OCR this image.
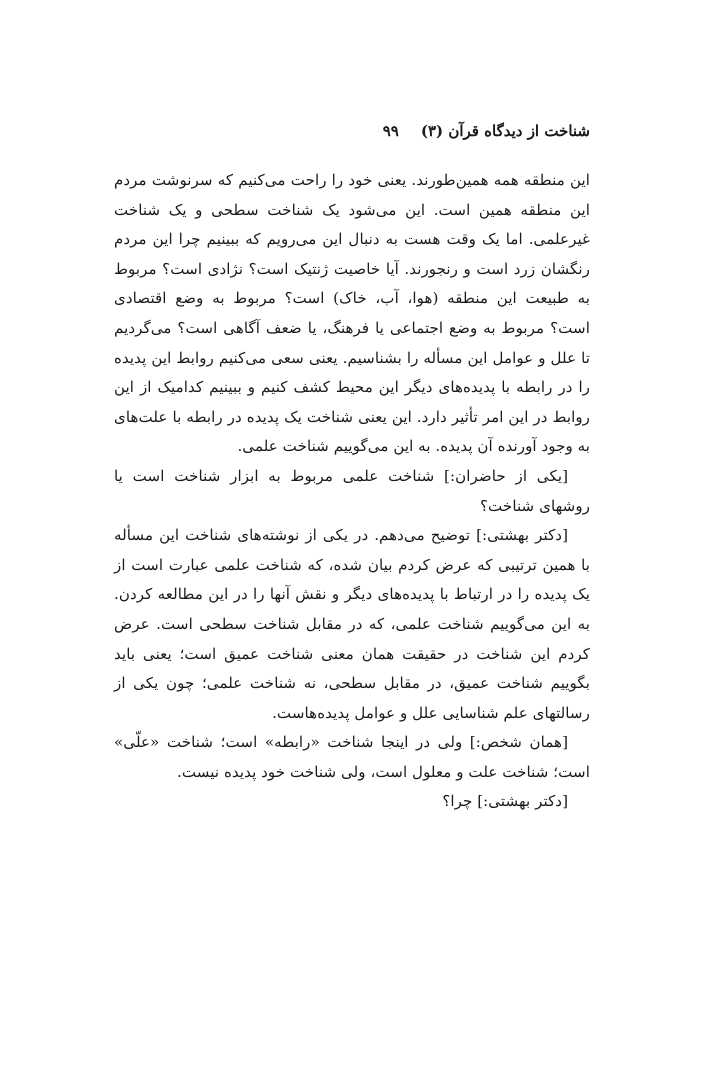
شناخت از دیدگاه قرآن (۳)
۹۹

این منطقه همه همین‌طورند. یعنی خود را راحت می‌کنیم که سرنوشت مردم این منطقه همین است. این می‌شود یک شناخت سطحی و یک شناخت غیرعلمی. اما یک وقت هست به دنبال این می‌رویم که ببینیم چرا این مردم رنگشان زرد است و رنجورند. آیا خاصیت ژنتیک است؟ نژادی است؟ مربوط به طبیعت این منطقه (هوا، آب، خاک) است؟ مربوط به وضع اقتصادی است؟ مربوط به وضع اجتماعی یا فرهنگ، یا ضعف آگاهی است؟ می‌گردیم تا علل و عوامل این مسأله را بشناسیم. یعنی سعی می‌کنیم روابط این پدیده را در رابطه با پدیده‌های دیگر این محیط کشف کنیم و ببینیم کدامیک از این روابط در این امر تأثیر دارد. این یعنی شناخت یک پدیده در رابطه با علت‌های به وجود آورنده آن پدیده. به این می‌گوییم شناخت علمی.

[یکی از حاضران:] شناخت علمی مربوط به ابزار شناخت است یا روشهای شناخت؟

[دکتر بهشتی:] توضیح می‌دهم. در یکی از نوشته‌های شناخت این مسأله با همین ترتیبی که عرض کردم بیان شده، که شناخت علمی عبارت است از یک پدیده را در ارتباط با پدیده‌های دیگر و نقش آنها را در این مطالعه کردن. به این می‌گوییم شناخت علمی، که در مقابل شناخت سطحی است. عرض کردم این شناخت در حقیقت همان معنی شناخت عمیق است؛ یعنی باید بگوییم شناخت عمیق، در مقابل سطحی، نه شناخت علمی؛ چون یکی از رسالتهای علم شناسایی علل و عوامل پدیده‌هاست.

[همان شخص:] ولی در اینجا شناخت «رابطه» است؛ شناخت «علّی» است؛ شناخت علت و معلول است، ولی شناخت خود پدیده نیست.

[دکتر بهشتی:] چرا؟
